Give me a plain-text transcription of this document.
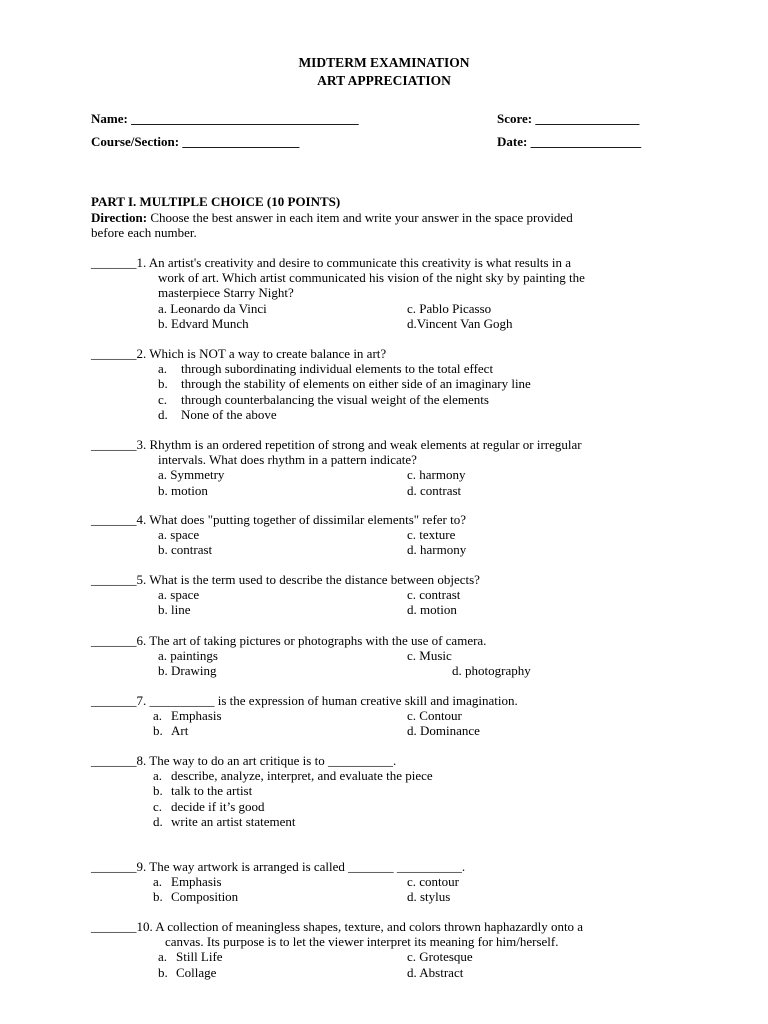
MIDTERM EXAMINATION
ART APPRECIATION
Name: ___________________________________	Score: ________________
Course/Section: __________________	Date: _________________
PART I. MULTIPLE CHOICE (10 POINTS)
Direction: Choose the best answer in each item and write your answer in the space provided
before each number.
_______1. An artist's creativity and desire to communicate this creativity is what results in a
work of art. Which artist communicated his vision of the night sky by painting the
masterpiece Starry Night?
a. Leonardo da Vinci	c. Pablo Picasso
b. Edvard Munch	d.Vincent Van Gogh
_______2. Which is NOT a way to create balance in art?
a. through subordinating individual elements to the total effect
b. through the stability of elements on either side of an imaginary line
c. through counterbalancing the visual weight of the elements
d. None of the above
_______3. Rhythm is an ordered repetition of strong and weak elements at regular or irregular
intervals. What does rhythm in a pattern indicate?
a. Symmetry	c. harmony
b. motion	d. contrast
_______4. What does "putting together of dissimilar elements" refer to?
a. space	c. texture
b. contrast	d. harmony
_______5. What is the term used to describe the distance between objects?
a. space	c. contrast
b. line	d. motion
_______6. The art of taking pictures or photographs with the use of camera.
a. paintings	c. Music
b. Drawing	d. photography
_______7. __________ is the expression of human creative skill and imagination.
a. Emphasis	c. Contour
b. Art	d. Dominance
_______8. The way to do an art critique is to __________.
a. describe, analyze, interpret, and evaluate the piece
b. talk to the artist
c. decide if it’s good
d. write an artist statement
_______9. The way artwork is arranged is called _______ __________.
a. Emphasis	c. contour
b. Composition	d. stylus
_______10. A collection of meaningless shapes, texture, and colors thrown haphazardly onto a
canvas. Its purpose is to let the viewer interpret its meaning for him/herself.
a. Still Life	c. Grotesque
b. Collage	d. Abstract
